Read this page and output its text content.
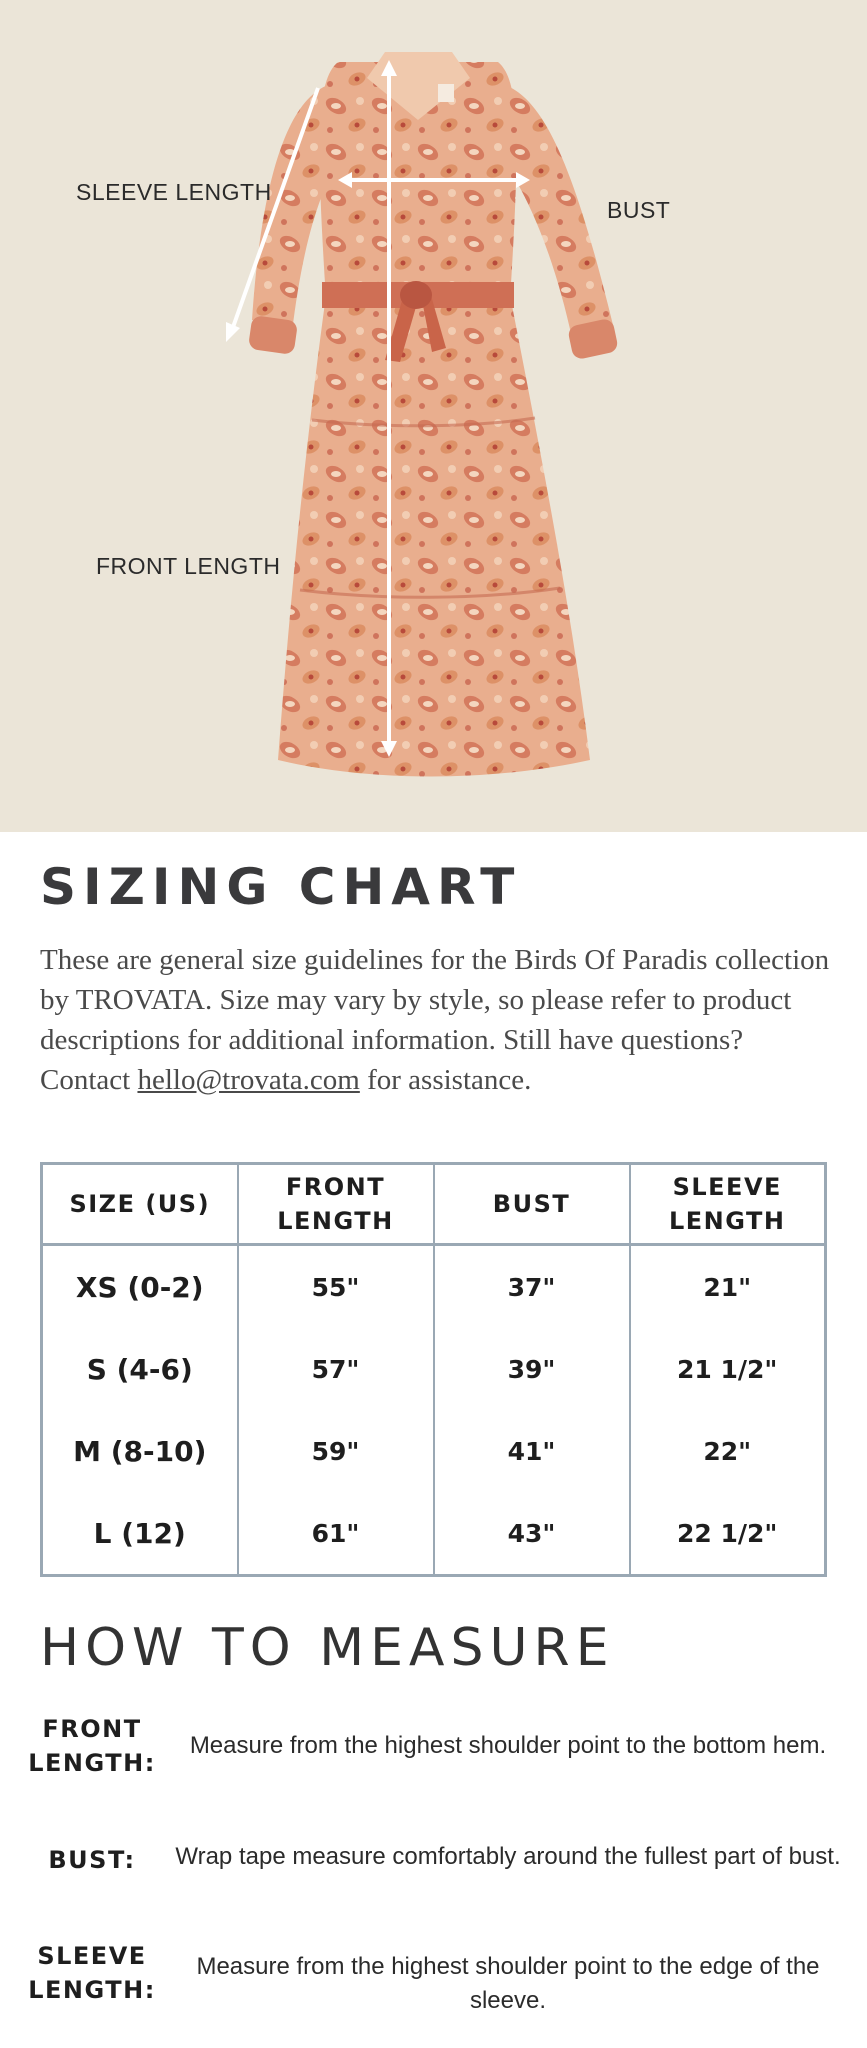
SLEEVE LENGTH
BUST
FRONT LENGTH
SIZING CHART

These are general size guidelines for the Birds Of Paradis collection by TROVATA. Size may vary by style, so please refer to product descriptions for additional information. Still have questions? Contact hello@trovata.com for assistance.

SIZE (US)	FRONT LENGTH	BUST	SLEEVE LENGTH
XS (0-2)	55"	37"	21"
S (4-6)	57"	39"	21 1/2"
M (8-10)	59"	41"	22"
L (12)	61"	43"	22 1/2"
HOW TO MEASURE
FRONT LENGTH:
Measure from the highest shoulder point to the bottom hem.
BUST:	Wrap tape measure comfortably around the fullest part of bust.
SLEEVE LENGTH:
Measure from the highest shoulder point to the edge of the sleeve.
